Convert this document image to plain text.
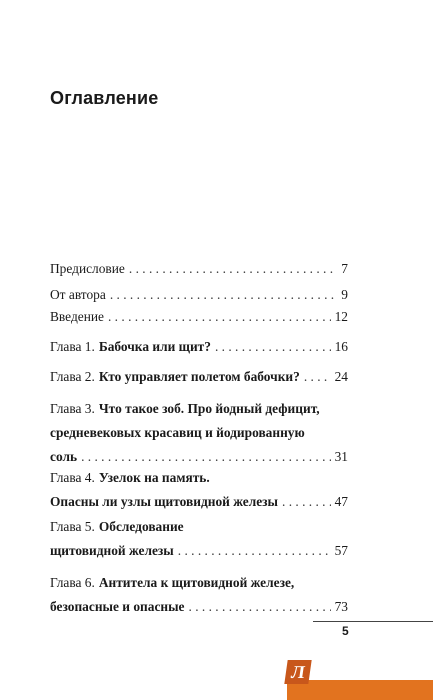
Оглавление
Предисловие . . .	7
От автора . . .	9
Введение . . .	12
Глава 1. Бабочка или щит? . . .	16
Глава 2. Кто управляет полетом бабочки? . . .	24
Глава 3. Что такое зоб. Про йодный дефицит,
средневековых красавиц и йодированную
соль . . .	31
Глава 4. Узелок на память.
Опасны ли узлы щитовидной железы . . .	47
Глава 5. Обследование
щитовидной железы . . .	57
Глава 6. Антитела к щитовидной железе,
безопасные и опасные . . .	73
5
Л
